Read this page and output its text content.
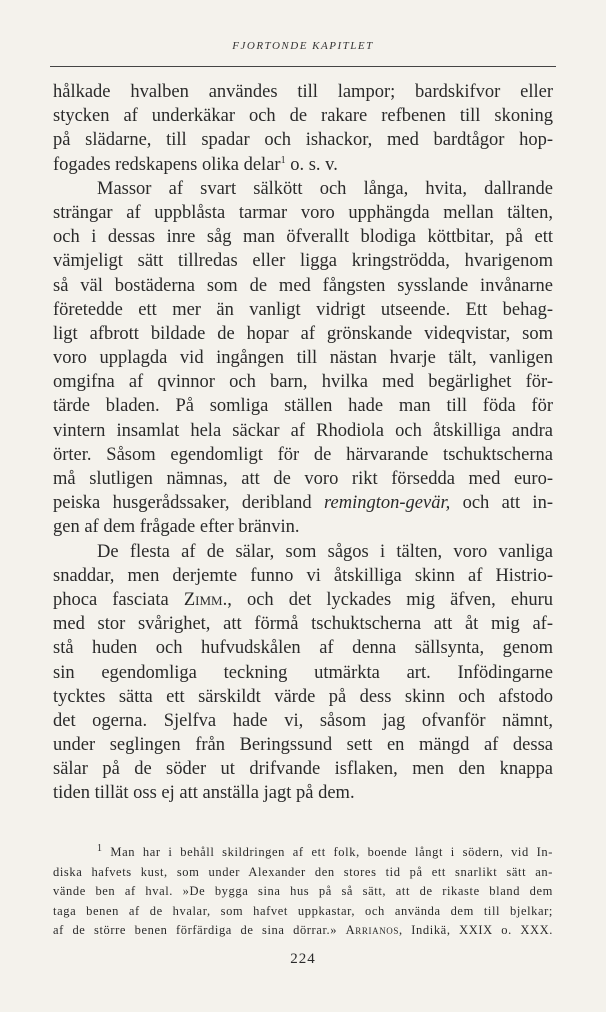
FJORTONDE KAPITLET
hålkade hvalben användes till lampor; bardskifvor eller
stycken af underkäkar och de rakare refbenen till skoning
på slädarne, till spadar och ishackor, med bardtågor hop-
fogades redskapens olika delar$^1$ o. s. v.
Massor af svart sälkött och långa, hvita, dallrande
strängar af uppblåsta tarmar voro upphängda mellan tälten,
och i dessas inre såg man öfverallt blodiga köttbitar, på ett
vämjeligt sätt tillredas eller ligga kringströdda, hvarigenom
så väl bostäderna som de med fångsten sysslande invånarne
företedde ett mer än vanligt vidrigt utseende. Ett behag-
ligt afbrott bildade de hopar af grönskande videqvistar, som
voro upplagda vid ingången till nästan hvarje tält, vanligen
omgifna af qvinnor och barn, hvilka med begärlighet för-
tärde bladen. På somliga ställen hade man till föda för
vintern insamlat hela säckar af Rhodiola och åtskilliga andra
örter. Såsom egendomligt för de härvarande tschuktscherna
må slutligen nämnas, att de voro rikt försedda med euro-
peiska husgerådssaker, deribland remington-gevär, och att in-
gen af dem frågade efter bränvin.
De flesta af de sälar, som sågos i tälten, voro vanliga
snaddar, men derjemte funno vi åtskilliga skinn af Histrio-
phoca fasciata Zimm., och det lyckades mig äfven, ehuru
med stor svårighet, att förmå tschuktscherna att åt mig af-
stå huden och hufvudskålen af denna sällsynta, genom
sin egendomliga teckning utmärkta art. Infödingarne
tycktes sätta ett särskildt värde på dess skinn och afstodo
det ogerna. Sjelfva hade vi, såsom jag ofvanför nämnt,
under seglingen från Beringssund sett en mängd af dessa
sälar på de söder ut drifvande isflaken, men den knappa
tiden tillät oss ej att anställa jagt på dem.
$^1$ Man har i behåll skildringen af ett folk, boende långt i södern, vid In-
diska hafvets kust, som under Alexander den stores tid på ett snarlikt sätt an-
vände ben af hval. »De bygga sina hus på så sätt, att de rikaste bland dem
taga benen af de hvalar, som hafvet uppkastar, och använda dem till bjelkar;
af de större benen förfärdiga de sina dörrar.» Arrianos, Indikä, XXIX o. XXX.
224
